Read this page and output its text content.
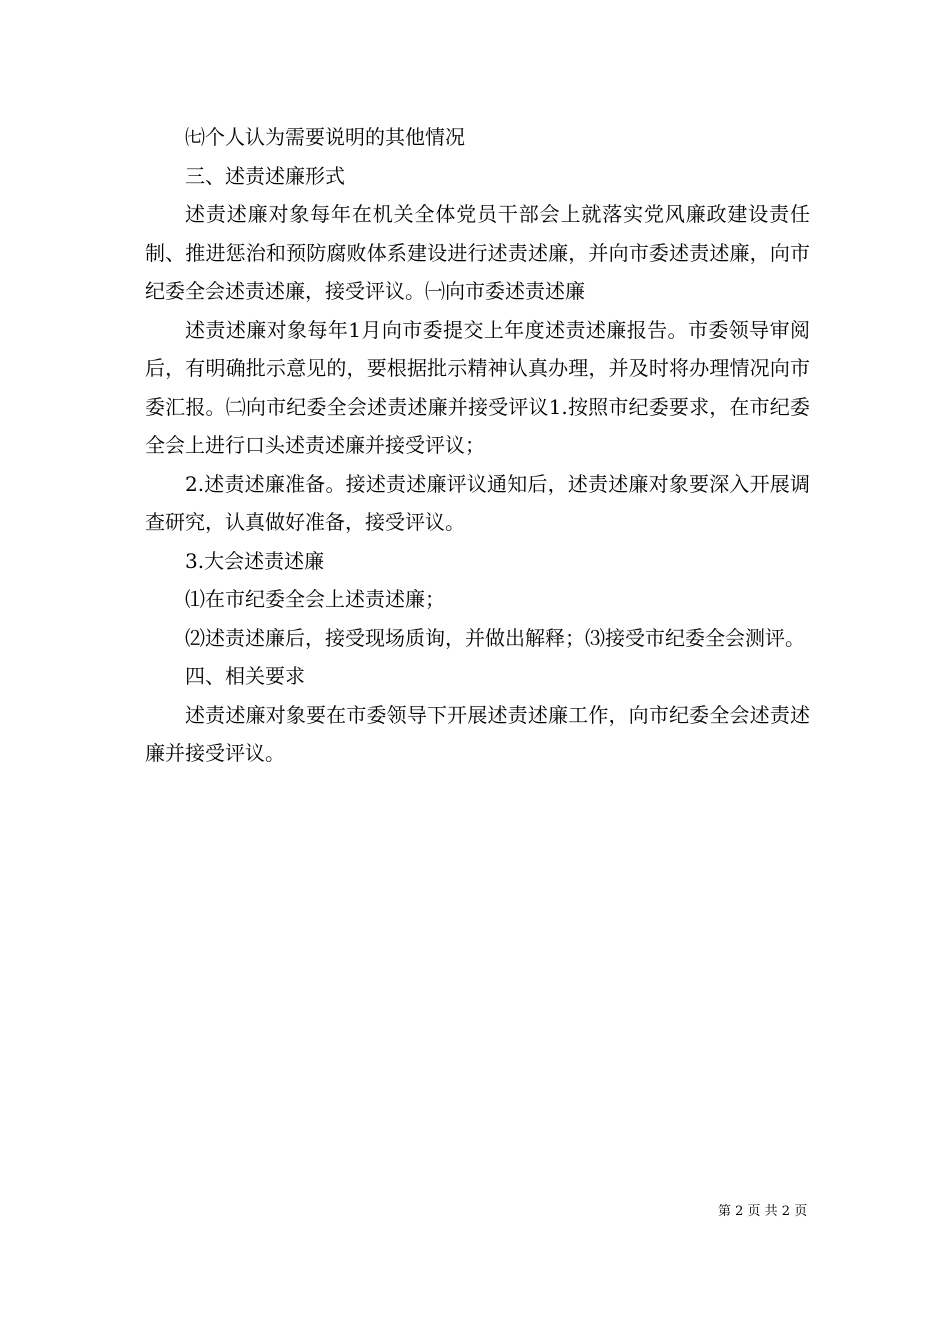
㈦个人认为需要说明的其他情况

三、述责述廉形式

述责述廉对象每年在机关全体党员干部会上就落实党风廉政建设责任制、推进惩治和预防腐败体系建设进行述责述廉，并向市委述责述廉，向市纪委全会述责述廉，接受评议。㈠向市委述责述廉

述责述廉对象每年1月向市委提交上年度述责述廉报告。市委领导审阅后，有明确批示意见的，要根据批示精神认真办理，并及时将办理情况向市委汇报。㈡向市纪委全会述责述廉并接受评议1.按照市纪委要求，在市纪委全会上进行口头述责述廉并接受评议；

2.述责述廉准备。接述责述廉评议通知后，述责述廉对象要深入开展调查研究，认真做好准备，接受评议。

3.大会述责述廉

⑴在市纪委全会上述责述廉；

⑵述责述廉后，接受现场质询，并做出解释；⑶接受市纪委全会测评。

四、相关要求

述责述廉对象要在市委领导下开展述责述廉工作，向市纪委全会述责述廉并接受评议。

第 2 页 共 2 页
